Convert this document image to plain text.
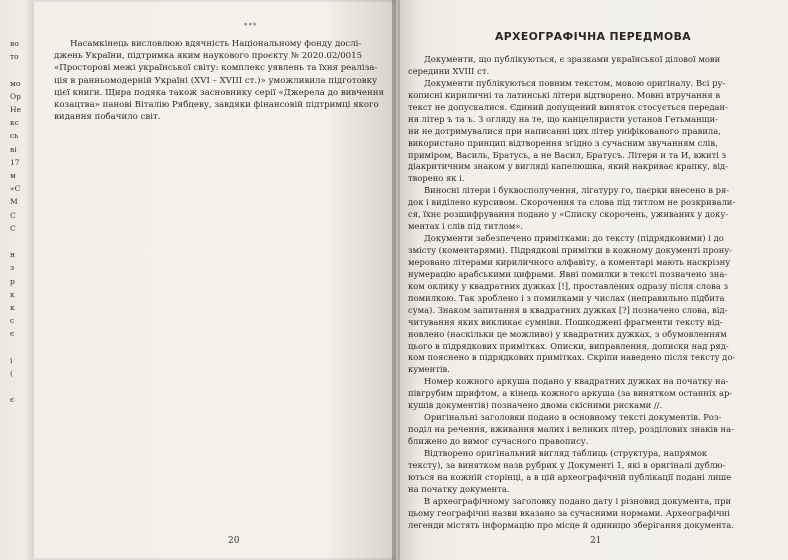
во
то
мо
Op
Не
кс
сь
ві
17
м
«С
М
С
С
н
з
р
к
к
с
є
і
(
є
***
Насамкінець висловлюю вдячність Національному фонду дослі-
джень України, підтримка яким наукового проєкту № 2020.02/0015
«Просторові межі української світу: комплекс уявлень та їхня реаліза-
ція в ранньомодерній Україні (XVI – XVIII ст.)» уможливила підготовку
цієї книги. Щира подяка також засновнику серії «Джерела до вивчення
козацтва» панові Віталію Рябцеву, завдяки фінансовій підтримці якого
видання побачило світ.
20
АРХЕОГРАФІЧНА ПЕРЕДМОВА
Документи, що публікуються, є зразками української ділової мови
середини XVIII ст.
Документи публікуються повним текстом, мовою оригіналу. Всі ру-
кописні кириличні та латинські літери відтворено. Мовні втручання в
текст не допускалися. Єдиний допущений виняток стосується передан-
ня літер ъ та ъ. З огляду на те, що канцеляристи установ Гетьманщи-
ни не дотримувалися при написанні цих літер уніфікованого правила,
використано принцип відтворення згідно з сучасним звучанням слів,
приміром, Василь, Братусь, а не Васил, Братусъ. Літери и та И, вжиті з
діакритичним знаком у вигляді капелюшка, який накриває крапку, від-
творено як і.
Виносні літери і буквосполучення, лігатуру го, паєрки внесено в ря-
док і виділено курсивом. Скорочення та слова під титлом не розкривали-
ся, їхнє розшифрування подано у «Списку скорочень, уживаних у доку-
ментах і слів під титлом».
Документи забезпечено примітками: до тексту (підрядковими) і до
змісту (коментарями). Підрядкові примітки в кожному документі пронy-
меровано літерами кириличного алфавіту, а коментарі мають наскрізну
нумерацію арабськими цифрами. Явні помилки в тексті позначено зна-
ком оклику у квадратних дужках [!], проставлених одразу після слова з
помилкою. Так зроблено і з помилками у числах (неправильно підбита
сума). Знаком запитання в квадратних дужках [?] позначено слова, від-
читування яких викликає сумніви. Пошкоджені фрагменти тексту від-
новлено (наскільки це можливо) у квадратних дужках, з обумовленням
цього в підрядкових примітках. Описки, виправлення, дописки над ряд-
ком пояснено в підрядкових примітках. Скріпи наведено після тексту до-
кументів.
Номер кожного аркуша подано у квадратних дужках на початку на-
півгрубим шрифтом, а кінець кожного аркуша (за винятком останніх ар-
кушів документів) позначено двома скісними рисками //.
Оригінальні заголовки подано в основному тексті документів. Роз-
поділ на речення, вживання малих і великих літер, розділових знаків на-
ближено до вимог сучасного правопису.
Відтворено оригінальний вигляд таблиць (структура, напрямок
тексту), за винятком назв рубрик у Документі 1, які в оригіналі дублю-
ються на кожній сторінці, а в цій археографічній публікації подані лише
на початку документа.
В археографічному заголовку подано дату і різновид документа, при
цьому географічні назви вказано за сучасними нормами. Археографічні
легенди містять інформацію про місце й одиницю зберігання документа.
21
